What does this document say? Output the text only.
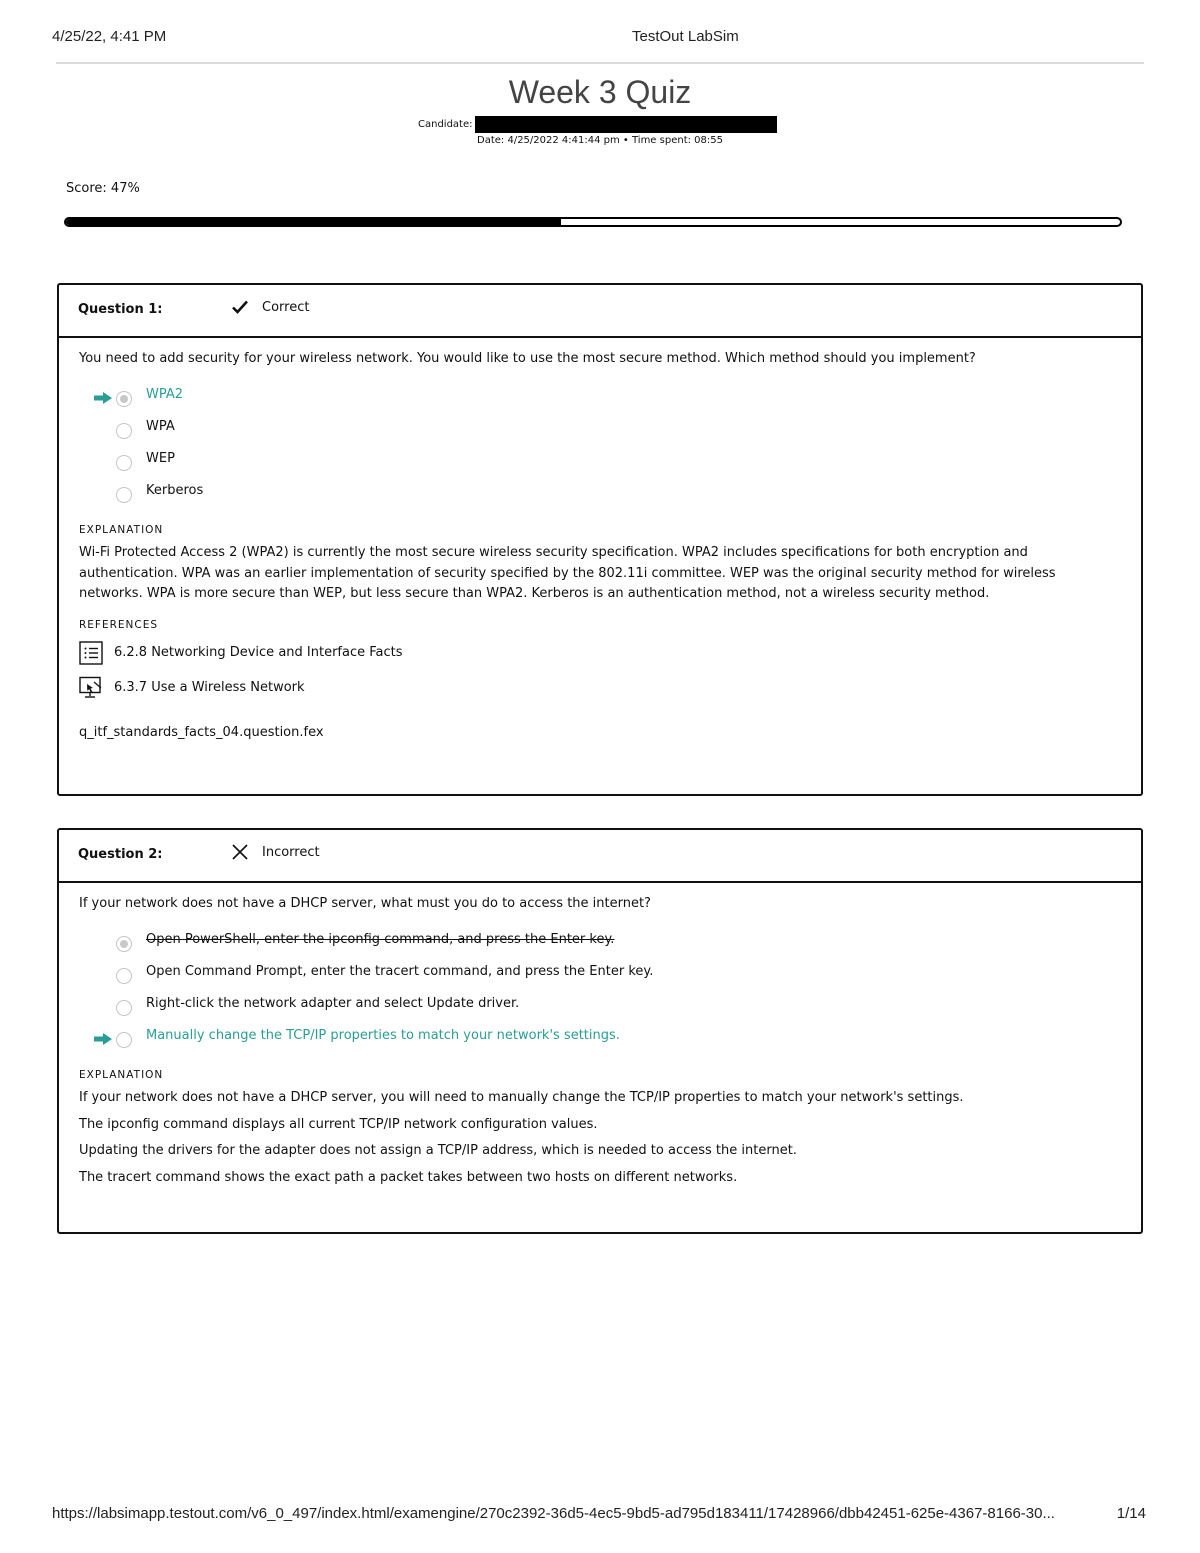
4/25/22, 4:41 PM	TestOut LabSim
Week 3 Quiz
Candidate:
Date: 4/25/2022 4:41:44 pm • Time spent: 08:55
Score: 47%
Question 1:	Correct

You need to add security for your wireless network. You would like to use the most secure method. Which method should you implement?

WPA2
WPA
WEP
Kerberos
EXPLANATION

Wi-Fi Protected Access 2 (WPA2) is currently the most secure wireless security specification. WPA2 includes specifications for both encryption and authentication. WPA was an earlier implementation of security specified by the 802.11i committee. WEP was the original security method for wireless networks. WPA is more secure than WEP, but less secure than WPA2. Kerberos is an authentication method, not a wireless security method.

REFERENCES
6.2.8 Networking Device and Interface Facts
6.3.7 Use a Wireless Network
q_itf_standards_facts_04.question.fex
Question 2:	Incorrect

If your network does not have a DHCP server, what must you do to access the internet?

Open PowerShell, enter the ipconfig command, and press the Enter key.
Open Command Prompt, enter the tracert command, and press the Enter key.
Right-click the network adapter and select Update driver.
Manually change the TCP/IP properties to match your network's settings.
EXPLANATION

If your network does not have a DHCP server, you will need to manually change the TCP/IP properties to match your network's settings.

The ipconfig command displays all current TCP/IP network configuration values.

Updating the drivers for the adapter does not assign a TCP/IP address, which is needed to access the internet.

The tracert command shows the exact path a packet takes between two hosts on different networks.

https://labsimapp.testout.com/v6_0_497/index.html/examengine/270c2392-36d5-4ec5-9bd5-ad795d183411/17428966/dbb42451-625e-4367-8166-30...	1/14
